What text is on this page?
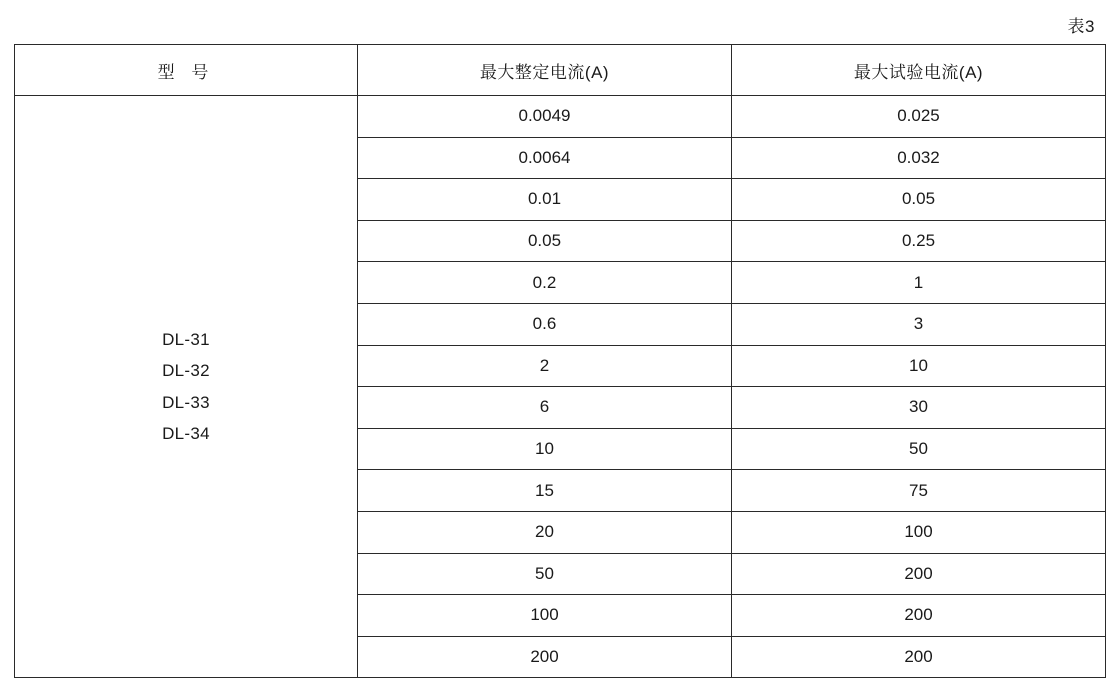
表3
型 号	最大整定电流(A)	最大试验电流(A)

DL-31
DL-32
DL-33
DL-34	0.0049	0.025
	0.0064	0.032
	0.01	0.05
	0.05	0.25
	0.2	1
	0.6	3
	2	10
	6	30
	10	50
	15	75
	20	100
	50	200
	100	200
	200	200
